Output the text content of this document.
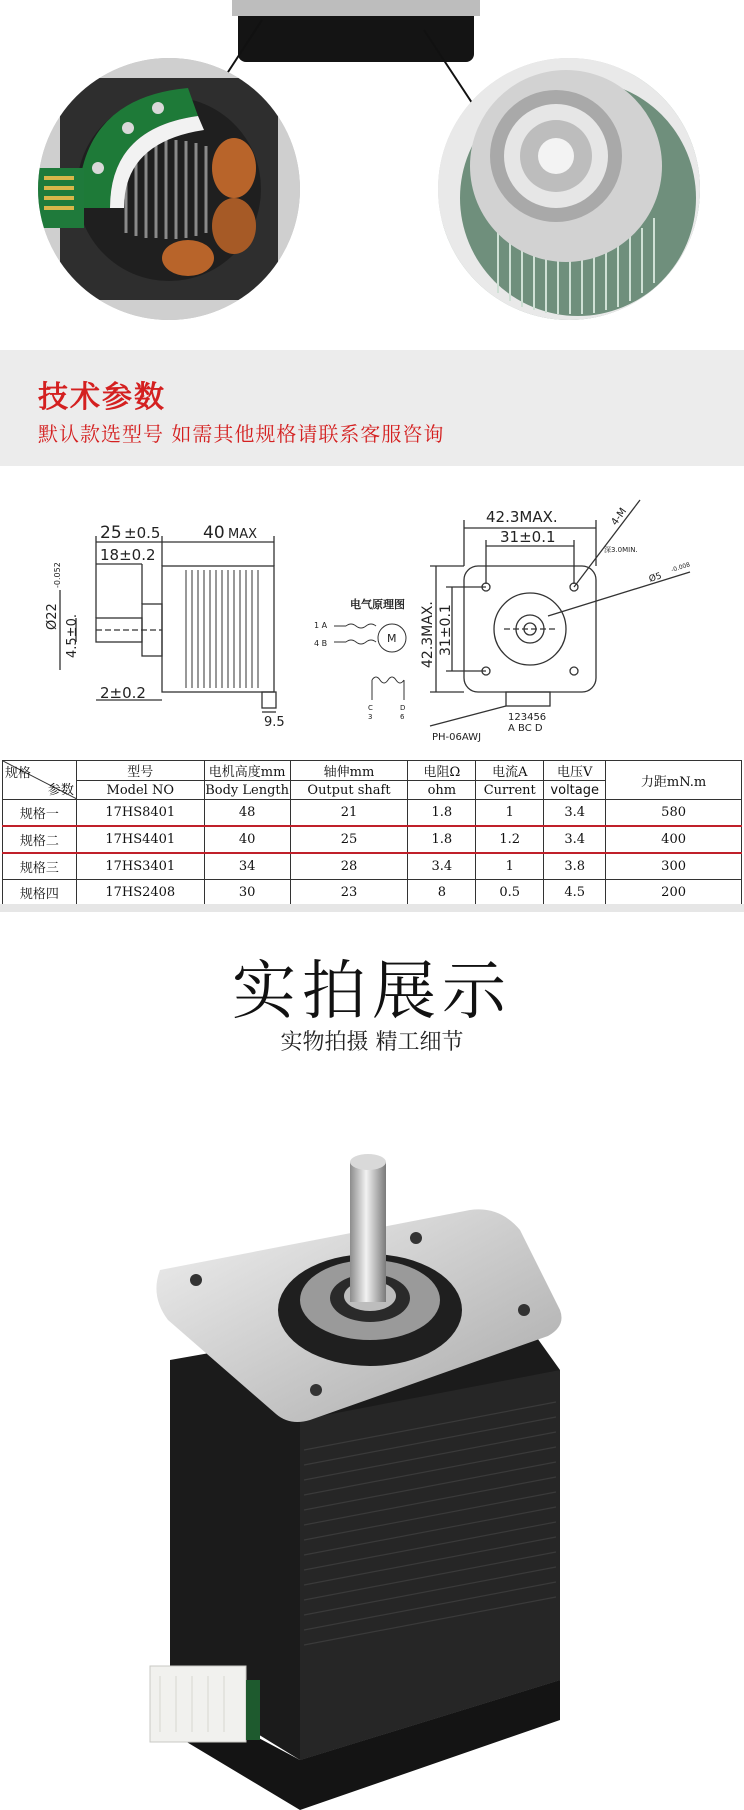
技术参数
默认款选型号 如需其他规格请联系客服咨询
25 ±0.5	40 MAX
18±0.2
Ø22
-0.052
4.5±0.
2±0.2
9.5
电气原理图
1 A
4 B	M
C
3
D
6
42.3MAX.
31±0.1
42.3MAX. 31±0.1
4-M
深3.0MIN.
Ø5
-0.008
123456
A BC D
PH-06AWJ
规格
参数	型号	电机高度mm	轴伸mm	电阻Ω	电流A	电压V	力距mN.m
	Model NO	Body Length	Output shaft	ohm	Current	voltage	
规格一	17HS8401	48	21	1.8	1	3.4	580
规格二	17HS4401	40	25	1.8	1.2	3.4	400
规格三	17HS3401	34	28	3.4	1	3.8	300
规格四	17HS2408	30	23	8	0.5	4.5	200
实拍展示
实物拍摄 精工细节
